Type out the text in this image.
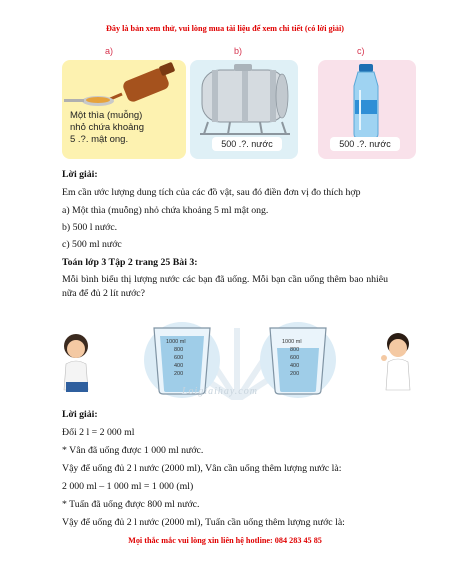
Đây là bản xem thử, vui lòng mua tài liệu để xem chi tiết (có lời giải)
a)	b)	c)
Một thìa (muỗng)
nhỏ chứa khoảng
5 .?. mật ong.	500 .?. nước	500 .?. nước
Lời giải:
Em cần ước lượng dung tích của các đồ vật, sau đó điền đơn vị đo thích hợp
a) Một thìa (muỗng) nhỏ chứa khoảng 5 ml mật ong.
b) 500 l nước.
c) 500 ml nước
Toán lớp 3 Tập 2 trang 25 Bài 3:
Mỗi bình biểu thị lượng nước các bạn đã uống. Mỗi bạn cần uống thêm bao nhiêu nữa để đủ 2 lít nước?
1000 ml
800
600
400
200
1000 ml
800
600
400
200
Loigiaihay.com
Lời giải:
Đổi 2 l = 2 000 ml
* Vân đã uống được 1 000 ml nước.
Vậy để uống đủ 2 l nước (2000 ml), Vân cần uống thêm lượng nước là:
2 000 ml – 1 000 ml = 1 000 (ml)
* Tuấn đã uống được 800 ml nước.
Vậy để uống đủ 2 l nước (2000 ml), Tuấn cần uống thêm lượng nước là:
Mọi thắc mắc vui lòng xin liên hệ hotline: 084 283 45 85
